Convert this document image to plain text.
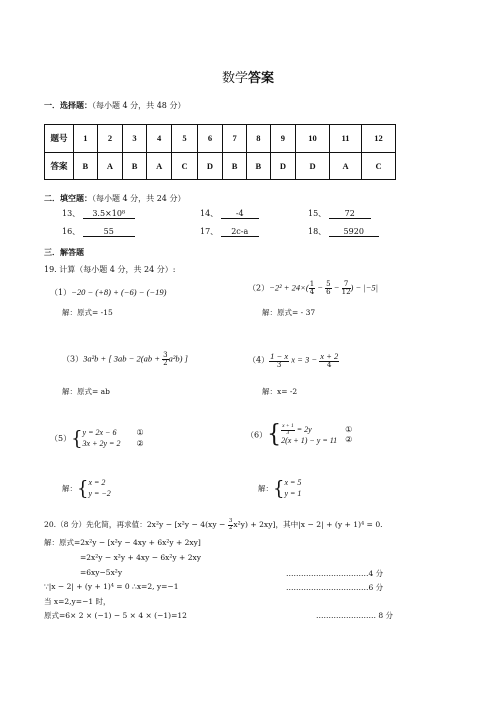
数学答案
一．选择题：（每小题 4 分，共 48 分）
题号	1	2	3	4	5	6	7	8	9	10	11	12
答案	B	A	B	A	C	D	B	B	D	D	A	C
二．填空题：（每小题 4 分，共 24 分）
13、 3.5×10⁸	14、 -4	15、 72
16、	55	17、 2c-a	18、 5920
三．解答题
19. 计算（每小题 4 分，共 24 分）:
（1）−20 − (+8) + (−6) − (−19)
解：原式= -15
$(2)-2^2 + 24\times( \frac{1}{4} - \frac{5}{6} - \frac{7}{12}$ ) − |−5|
解：原式= - 37
（3）3a²b + [ $3ab - 2(ab + \frac{3}{2} a^2b)$ ]
解：原式= ab
$(4) \frac{1 - x}{3}$ $x = 3 - \frac{x + 2}{4}$
解：x= -2
（5）{y = 2x − 6
3x + 2y = 2①
②
解：{x = 2
y = −2
$(6)\{ \frac{x + 1}{3} = 2y$
2(x + 1) − y = 11①
②
解：{x = 5
y = 1
20.（8 分）先化简，再求值：$2x^2y - [x^2y - 4(xy - \frac{3}{2} x^2y) + 2xy]$，其中|x − 2| + (y + 1)⁴ = 0.
解：原式=2x²y − [x²y − 4xy + 6x²y + 2xy]
=2x²y − x²y + 4xy − 6x²y + 2xy
=6xy−5x²y	……………………………4 分
∵|x − 2| + (y + 1)⁴ = 0 ∴x=2, y=−1	……………………………6 分
当 x=2,y=−1 时，
原式=6× 2 × (−1) − 5 × 4 × (−1)=12	…………………… 8 分
